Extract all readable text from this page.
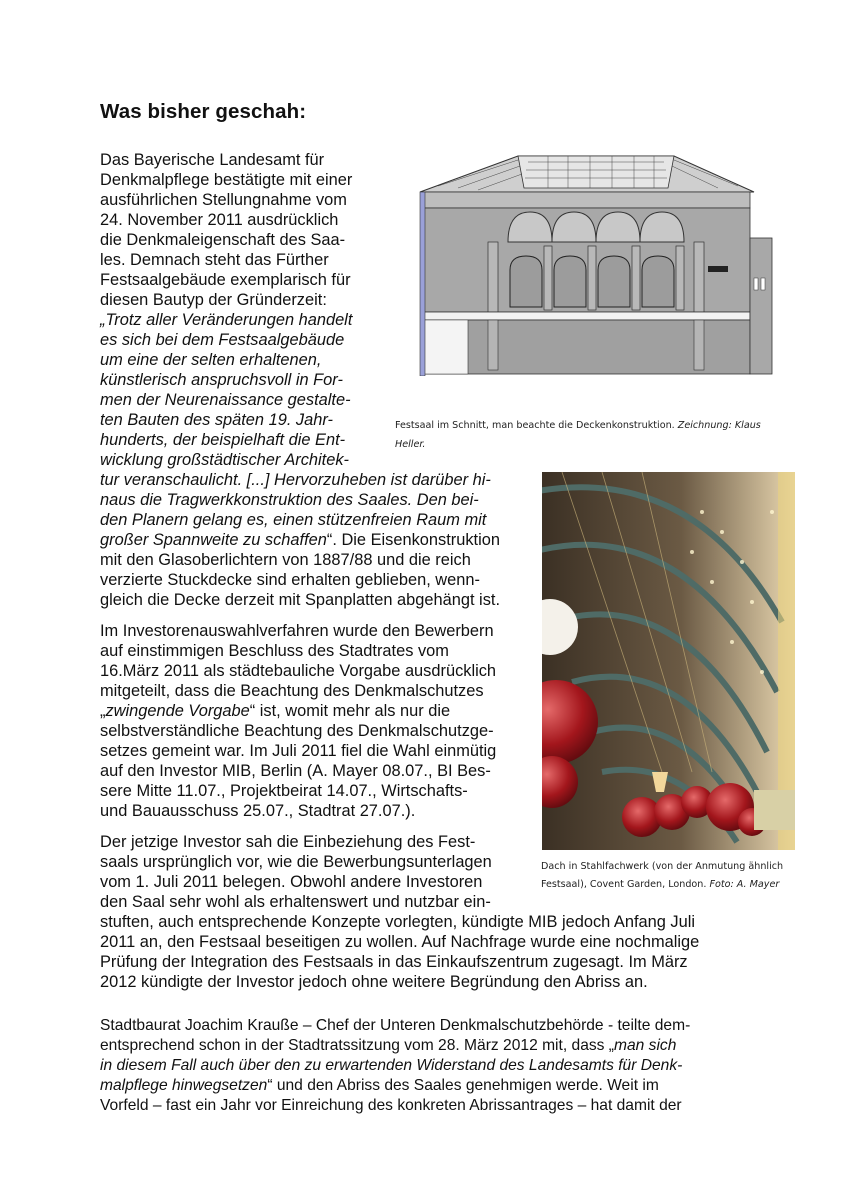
Was bisher geschah:
Das Bayerische Landesamt für
Denkmalpflege bestätigte mit einer
ausführlichen Stellungnahme vom
24. November 2011 ausdrücklich
die Denkmaleigenschaft des Saa-
les. Demnach steht das Fürther
Festsaalgebäude exemplarisch für
diesen Bautyp der Gründerzeit:
„Trotz aller Veränderungen handelt
es sich bei dem Festsaalgebäude
um eine der selten erhaltenen,
künstlerisch anspruchsvoll in For-
men der Neurenaissance gestalte-
ten Bauten des späten 19. Jahr-
hunderts, der beispielhaft die Ent-
wicklung großstädtischer Architek-
tur veranschaulicht. [...] Hervorzuheben ist darüber hi-
naus die Tragwerkkonstruktion des Saales. Den bei-
den Planern gelang es, einen stützenfreien Raum mit
großer Spannweite zu schaffen“. Die Eisenkonstruktion
mit den Glasoberlichtern von 1887/88 und die reich
verzierte Stuckdecke sind erhalten geblieben, wenn-
gleich die Decke derzeit mit Spanplatten abgehängt ist.
Im Investorenauswahlverfahren wurde den Bewerbern
auf einstimmigen Beschluss des Stadtrates vom
16.März 2011 als städtebauliche Vorgabe ausdrücklich
mitgeteilt, dass die Beachtung des Denkmalschutzes
„zwingende Vorgabe“ ist, womit mehr als nur die
selbstverständliche Beachtung des Denkmalschutzge-
setzes gemeint war. Im Juli 2011 fiel die Wahl einmütig
auf den Investor MIB, Berlin (A. Mayer 08.07., BI Bes-
sere Mitte 11.07., Projektbeirat 14.07., Wirtschafts-
und Bauausschuss 25.07., Stadtrat 27.07.).
Der jetzige Investor sah die Einbeziehung des Fest-
saals ursprünglich vor, wie die Bewerbungsunterlagen
vom 1. Juli 2011 belegen. Obwohl andere Investoren
den Saal sehr wohl als erhaltenswert und nutzbar ein-
stuften, auch entsprechende Konzepte vorlegten, kündigte MIB jedoch Anfang Juli
2011 an, den Festsaal beseitigen zu wollen. Auf Nachfrage wurde eine nochmalige
Prüfung der Integration des Festsaals in das Einkaufszentrum zugesagt. Im März
2012 kündigte der Investor jedoch ohne weitere Begründung den Abriss an.
Stadtbaurat Joachim Krauße – Chef der Unteren Denkmalschutzbehörde - teilte dem-
entsprechend schon in der Stadtratssitzung vom 28. März 2012 mit, dass „man sich
in diesem Fall auch über den zu erwartenden Widerstand des Landesamts für Denk-
malpflege hinwegsetzen“ und den Abriss des Saales genehmigen werde. Weit im
Vorfeld – fast ein Jahr vor Einreichung des konkreten Abrissantrages – hat damit der
Festsaal im Schnitt, man beachte die Deckenkonstruktion. Zeichnung: Klaus
Heller.
Dach in Stahlfachwerk (von der Anmutung ähnlich
Festsaal), Covent Garden, London. Foto: A. Mayer
